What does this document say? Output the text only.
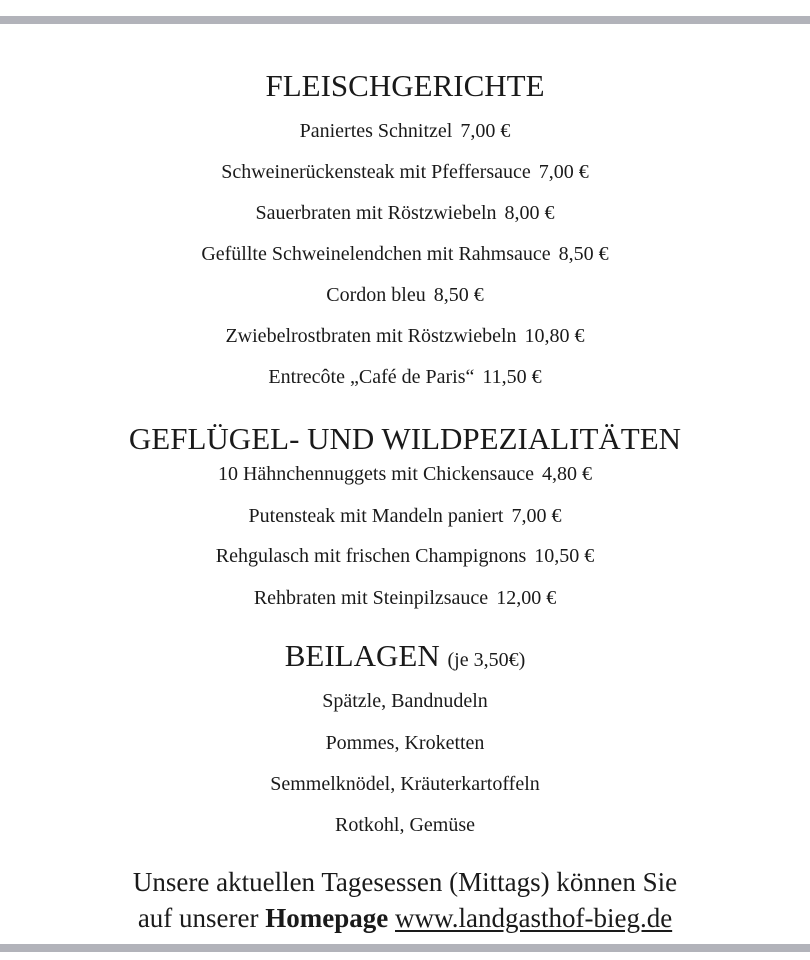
FLEISCHGERICHTE
Paniertes Schnitzel 7,00 €
Schweinerückensteak mit Pfeffersauce 7,00 €
Sauerbraten mit Röstzwiebeln 8,00 €
Gefüllte Schweinelendchen mit Rahmsauce 8,50 €
Cordon bleu 8,50 €
Zwiebelrostbraten mit Röstzwiebeln 10,80 €
Entrecôte „Café de Paris“ 11,50 €
GEFLÜGEL- UND WILDPEZIALITÄTEN
10 Hähnchennuggets mit Chickensauce 4,80 €
Putensteak mit Mandeln paniert 7,00 €
Rehgulasch mit frischen Champignons 10,50 €
Rehbraten mit Steinpilzsauce 12,00 €
BEILAGEN (je 3,50€)
Spätzle, Bandnudeln
Pommes, Kroketten
Semmelknödel, Kräuterkartoffeln
Rotkohl, Gemüse
Unsere aktuellen Tagesessen (Mittags) können Sie
auf unserer Homepage www.landgasthof-bieg.de
